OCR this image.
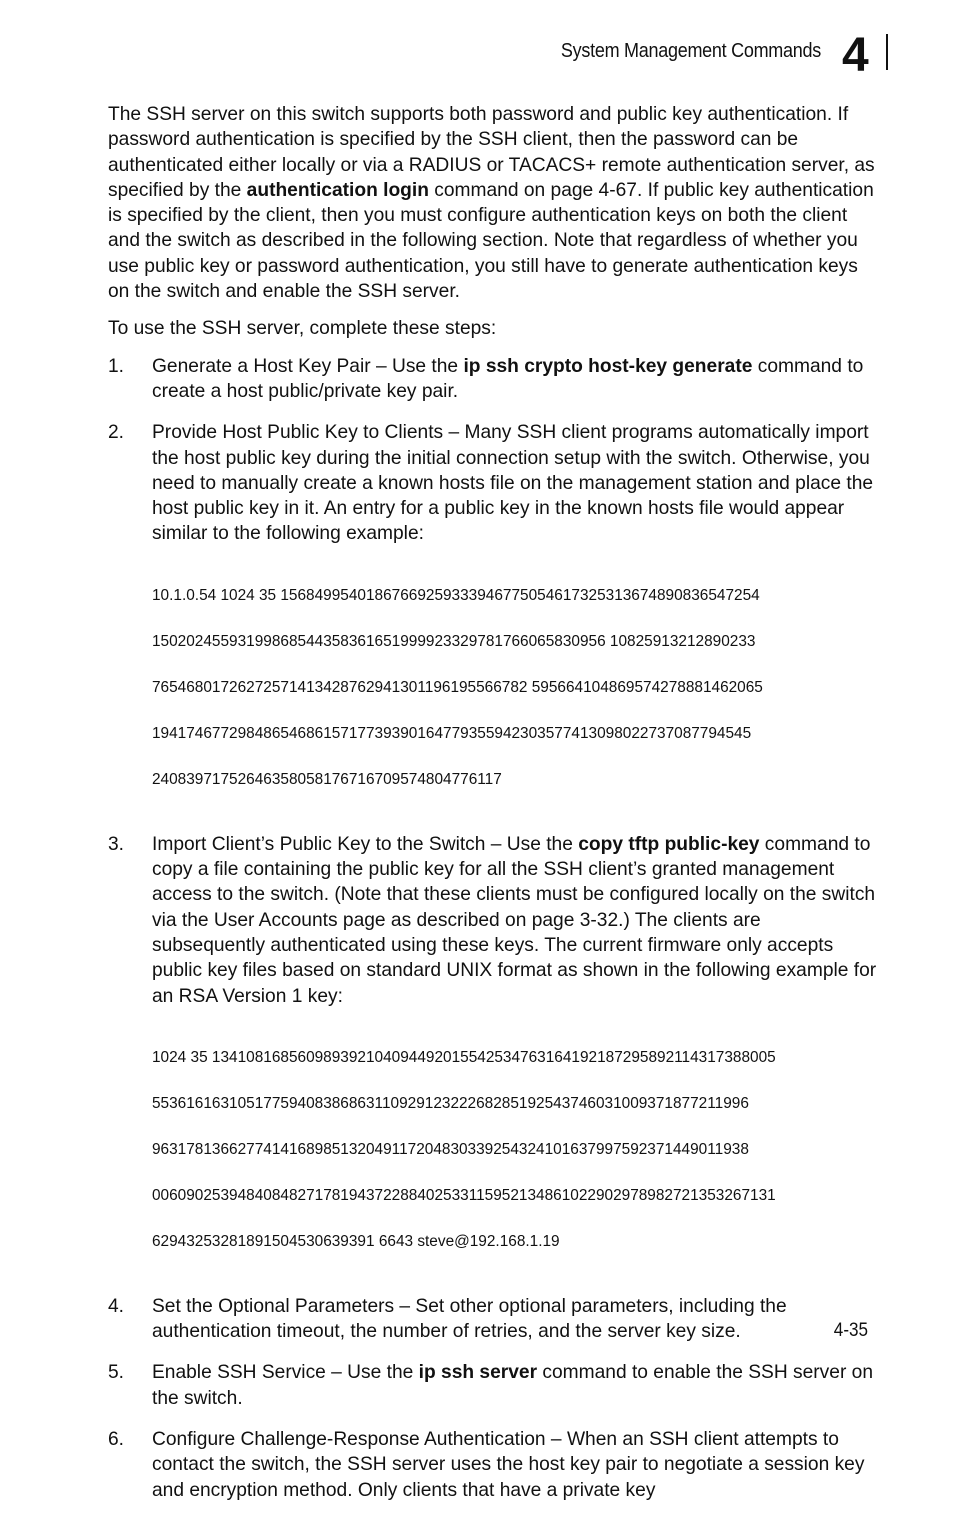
System Management Commands 4

The SSH server on this switch supports both password and public key authentication. If password authentication is specified by the SSH client, then the password can be authenticated either locally or via a RADIUS or TACACS+ remote authentication server, as specified by the authentication login command on page 4-67. If public key authentication is specified by the client, then you must configure authentication keys on both the client and the switch as described in the following section. Note that regardless of whether you use public key or password authentication, you still have to generate authentication keys on the switch and enable the SSH server.

To use the SSH server, complete these steps:

1. Generate a Host Key Pair – Use the ip ssh crypto host-key generate command to create a host public/private key pair.

2. Provide Host Public Key to Clients – Many SSH client programs automatically import the host public key during the initial connection setup with the switch. Otherwise, you need to manually create a known hosts file on the management station and place the host public key in it. An entry for a public key in the known hosts file would appear similar to the following example:

10.1.0.54 1024 35 15684995401867669259333946775054617325313674890836547254

15020245593199868544358361651999923329781766065830956 10825913212890233

76546801726272571413428762941301196195566782 595664104869574278881462065

1941746772984865468615717739390164779355942303577413098022737087794545

24083971752646358058176716709574804776117

3. Import Client’s Public Key to the Switch – Use the copy tftp public-key command to copy a file containing the public key for all the SSH client’s granted management access to the switch. (Note that these clients must be configured locally on the switch via the User Accounts page as described on page 3-32.) The clients are subsequently authenticated using these keys. The current firmware only accepts public key files based on standard UNIX format as shown in the following example for an RSA Version 1 key:

1024 35 134108168560989392104094492015542534763164192187295892114317388005

5536161631051775940838686311092912322268285192543746031009371877211996

9631781366277414168985132049117204830339254324101637997592371449011938

0060902539484084827178194372288402533115952134861022902978982721353267131

62943253281891504530639391 6643 steve@192.168.1.19

4. Set the Optional Parameters – Set other optional parameters, including the authentication timeout, the number of retries, and the server key size.

5. Enable SSH Service – Use the ip ssh server command to enable the SSH server on the switch.

6. Configure Challenge-Response Authentication – When an SSH client attempts to contact the switch, the SSH server uses the host key pair to negotiate a session key and encryption method. Only clients that have a private key

4-35
